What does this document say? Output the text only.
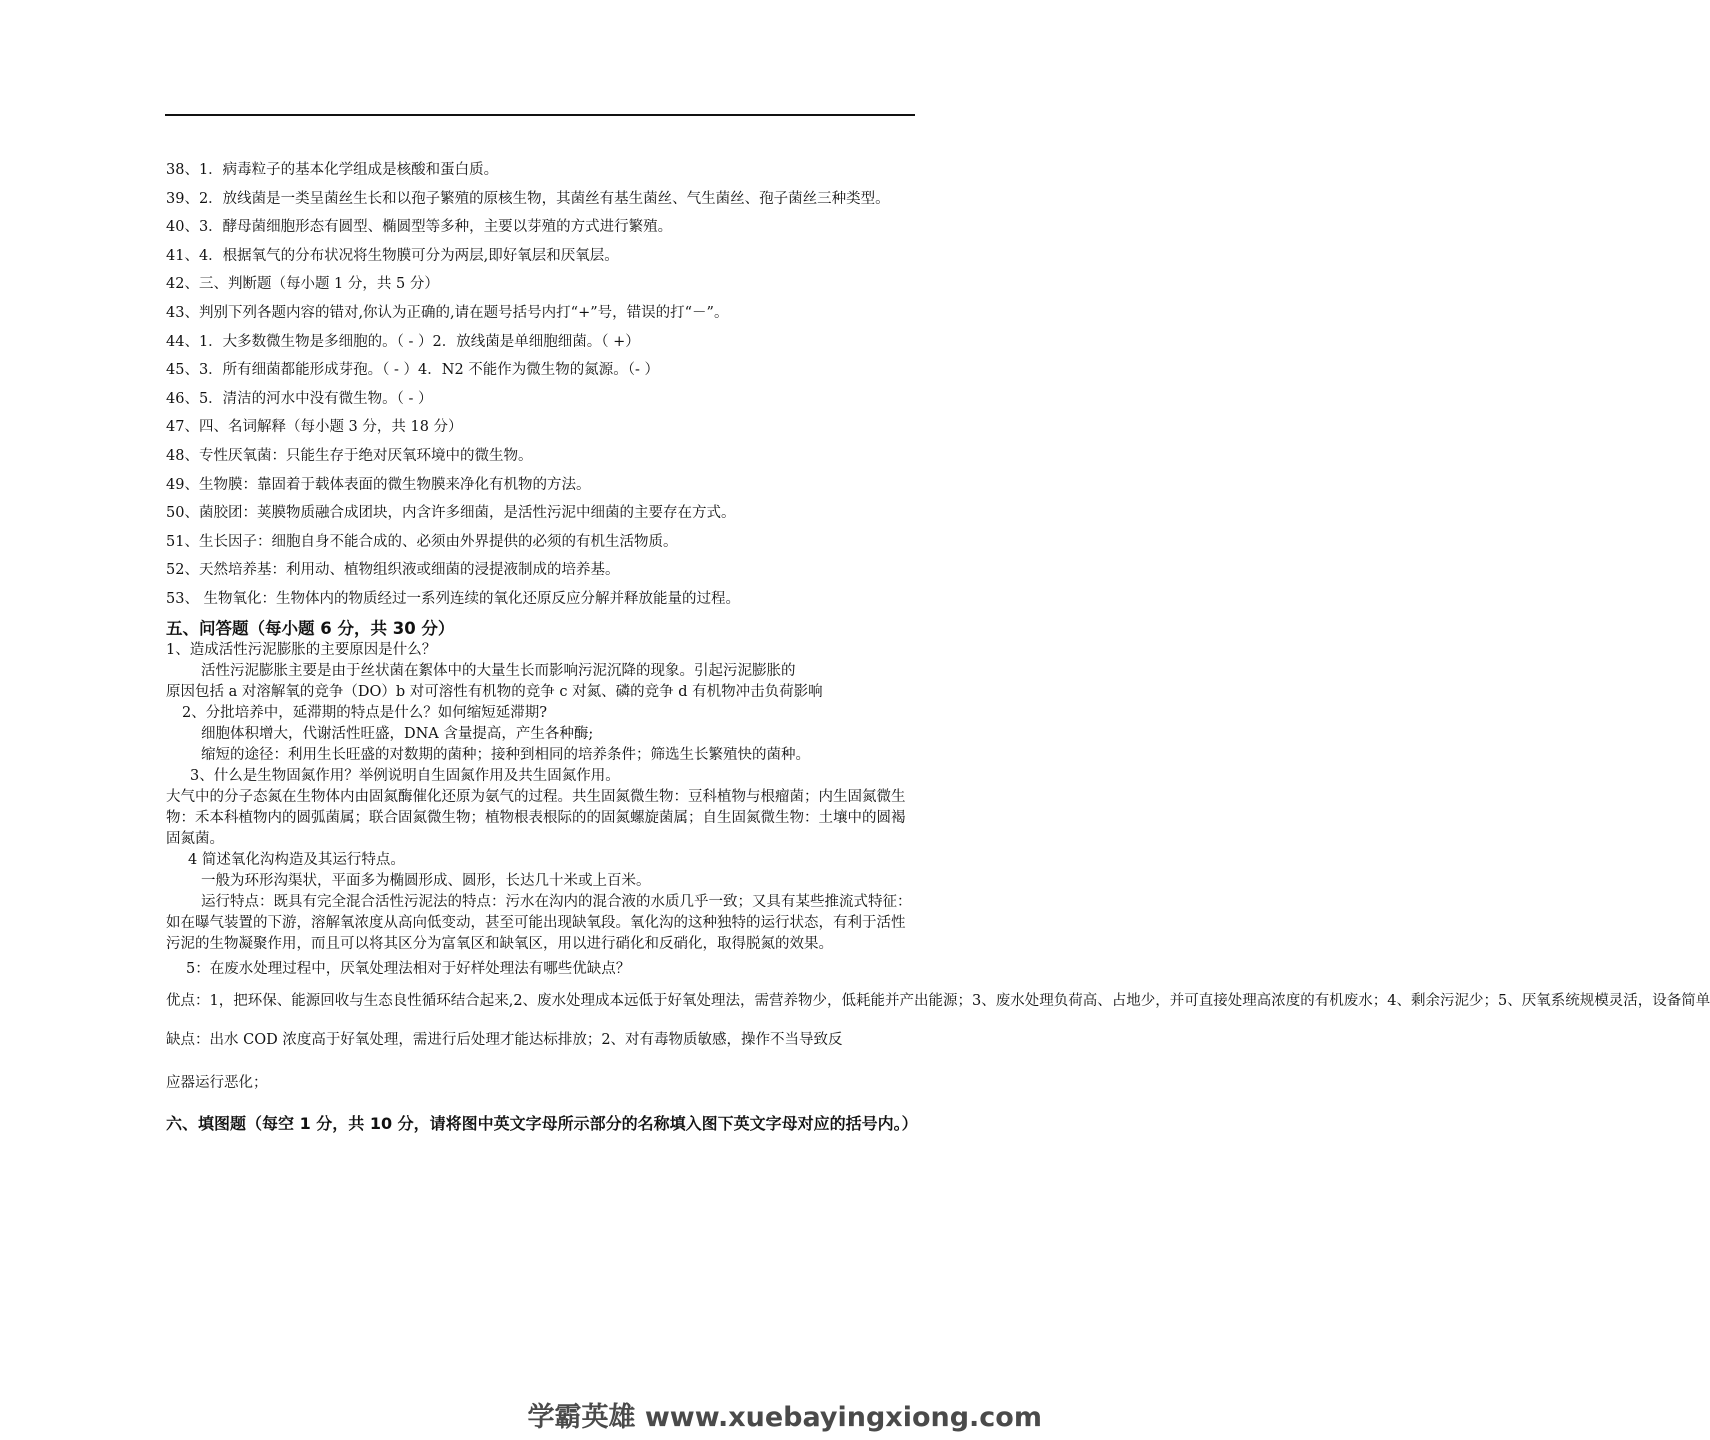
38、1．病毒粒子的基本化学组成是核酸和蛋白质。

39、2．放线菌是一类呈菌丝生长和以孢子繁殖的原核生物，其菌丝有基生菌丝、气生菌丝、孢子菌丝三种类型。

40、3．酵母菌细胞形态有圆型、椭圆型等多种，主要以芽殖的方式进行繁殖。

41、4．根据氧气的分布状况将生物膜可分为两层,即好氧层和厌氧层。

42、三、判断题（每小题 1 分，共 5 分）

43、判别下列各题内容的错对,你认为正确的,请在题号括号内打“+”号，错误的打“－”。

44、1．大多数微生物是多细胞的。（ - ）2．放线菌是单细胞细菌。（ +）

45、3．所有细菌都能形成芽孢。（ - ）4．N2 不能作为微生物的氮源。（- ）

46、5．清洁的河水中没有微生物。（ - ）

47、四、名词解释（每小题 3 分，共 18 分）

48、专性厌氧菌：只能生存于绝对厌氧环境中的微生物。

49、生物膜：靠固着于载体表面的微生物膜来净化有机物的方法。

50、菌胶团：荚膜物质融合成团块，内含许多细菌，是活性污泥中细菌的主要存在方式。

51、生长因子：细胞自身不能合成的、必须由外界提供的必须的有机生活物质。

52、天然培养基：利用动、植物组织液或细菌的浸提液制成的培养基。

53、 生物氧化：生物体内的物质经过一系列连续的氧化还原反应分解并释放能量的过程。

五、问答题（每小题 6 分，共 30 分）

1、造成活性污泥膨胀的主要原因是什么？

活性污泥膨胀主要是由于丝状菌在絮体中的大量生长而影响污泥沉降的现象。引起污泥膨胀的

原因包括 a 对溶解氧的竞争（DO）b 对可溶性有机物的竞争 c 对氮、磷的竞争 d 有机物冲击负荷影响

2、分批培养中，延滞期的特点是什么？如何缩短延滞期?

细胞体积增大，代谢活性旺盛，DNA 含量提高，产生各种酶;

缩短的途径：利用生长旺盛的对数期的菌种；接种到相同的培养条件；筛选生长繁殖快的菌种。

3、什么是生物固氮作用？举例说明自生固氮作用及共生固氮作用。

大气中的分子态氮在生物体内由固氮酶催化还原为氨气的过程。共生固氮微生物：豆科植物与根瘤菌；内生固氮微生物：禾本科植物内的圆弧菌属；联合固氮微生物；植物根表根际的的固氮螺旋菌属；自生固氮微生物：土壤中的圆褐固氮菌。

4 简述氧化沟构造及其运行特点。

一般为环形沟渠状，平面多为椭圆形成、圆形，长达几十米或上百米。

运行特点：既具有完全混合活性污泥法的特点：污水在沟内的混合液的水质几乎一致；又具有某些推流式特征：如在曝气装置的下游，溶解氧浓度从高向低变动，甚至可能出现缺氧段。氧化沟的这种独特的运行状态，有利于活性污泥的生物凝聚作用，而且可以将其区分为富氧区和缺氧区，用以进行硝化和反硝化，取得脱氮的效果。

5：在废水处理过程中，厌氧处理法相对于好样处理法有哪些优缺点？

优点：1，把环保、能源回收与生态良性循环结合起来,2、废水处理成本远低于好氧处理法，需营养物少，低耗能并产出能源；3、废水处理负荷高、占地少，并可直接处理高浓度的有机废水；4、剩余污泥少；5、厌氧系统规模灵活，设备简单

缺点：出水 COD 浓度高于好氧处理，需进行后处理才能达标排放；2、对有毒物质敏感，操作不当导致反

应器运行恶化；

六、填图题（每空 1 分，共 10 分，请将图中英文字母所示部分的名称填入图下英文字母对应的括号内。）

学霸英雄 www.xuebayingxiong.com
